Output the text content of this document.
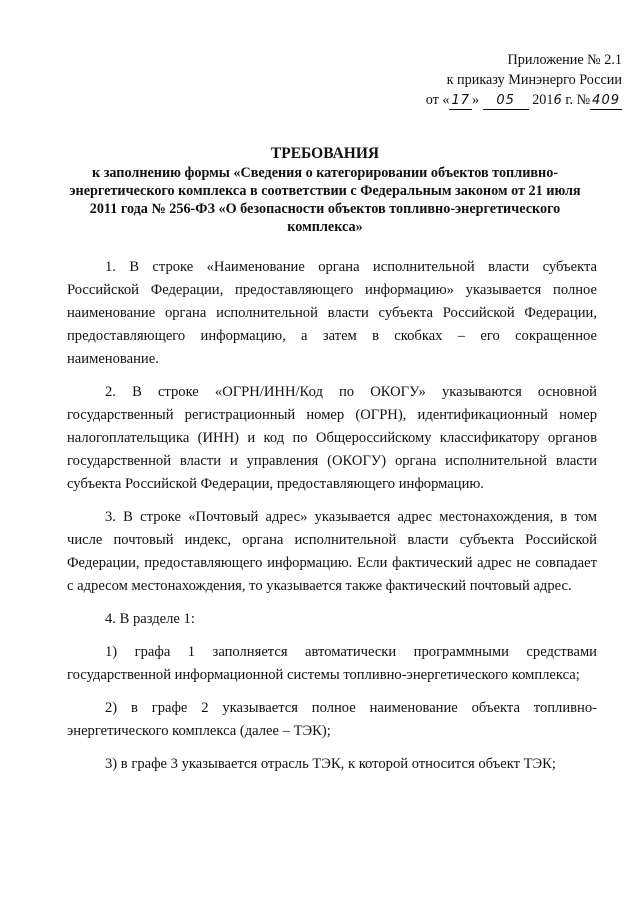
Приложение № 2.1
к приказу Минэнерго России
от « 17 » 05 2016 г. № 409
ТРЕБОВАНИЯ
к заполнению формы «Сведения о категорировании объектов топливно-
энергетического комплекса в соответствии с Федеральным законом от 21 июля
2011 года № 256-ФЗ «О безопасности объектов топливно-энергетического
комплекса»

1. В строке «Наименование органа исполнительной власти субъекта
Российской Федерации, предоставляющего информацию» указывается полное
наименование органа исполнительной власти субъекта Российской Федерации,
предоставляющего информацию, а затем в скобках – его сокращенное
наименование.

2. В строке «ОГРН/ИНН/Код по ОКОГУ» указываются основной
государственный регистрационный номер (ОГРН), идентификационный номер
налогоплательщика (ИНН) и код по Общероссийскому классификатору органов
государственной власти и управления (ОКОГУ) органа исполнительной власти
субъекта Российской Федерации, предоставляющего информацию.

3. В строке «Почтовый адрес» указывается адрес местонахождения, в том
числе почтовый индекс, органа исполнительной власти субъекта Российской
Федерации, предоставляющего информацию. Если фактический адрес не совпадает
с адресом местонахождения, то указывается также фактический почтовый адрес.

4. В разделе 1:

1) графа 1 заполняется автоматически программными средствами
государственной информационной системы топливно-энергетического комплекса;

2) в графе 2 указывается полное наименование объекта топливно-
энергетического комплекса (далее – ТЭК);

3) в графе 3 указывается отрасль ТЭК, к которой относится объект ТЭК;
